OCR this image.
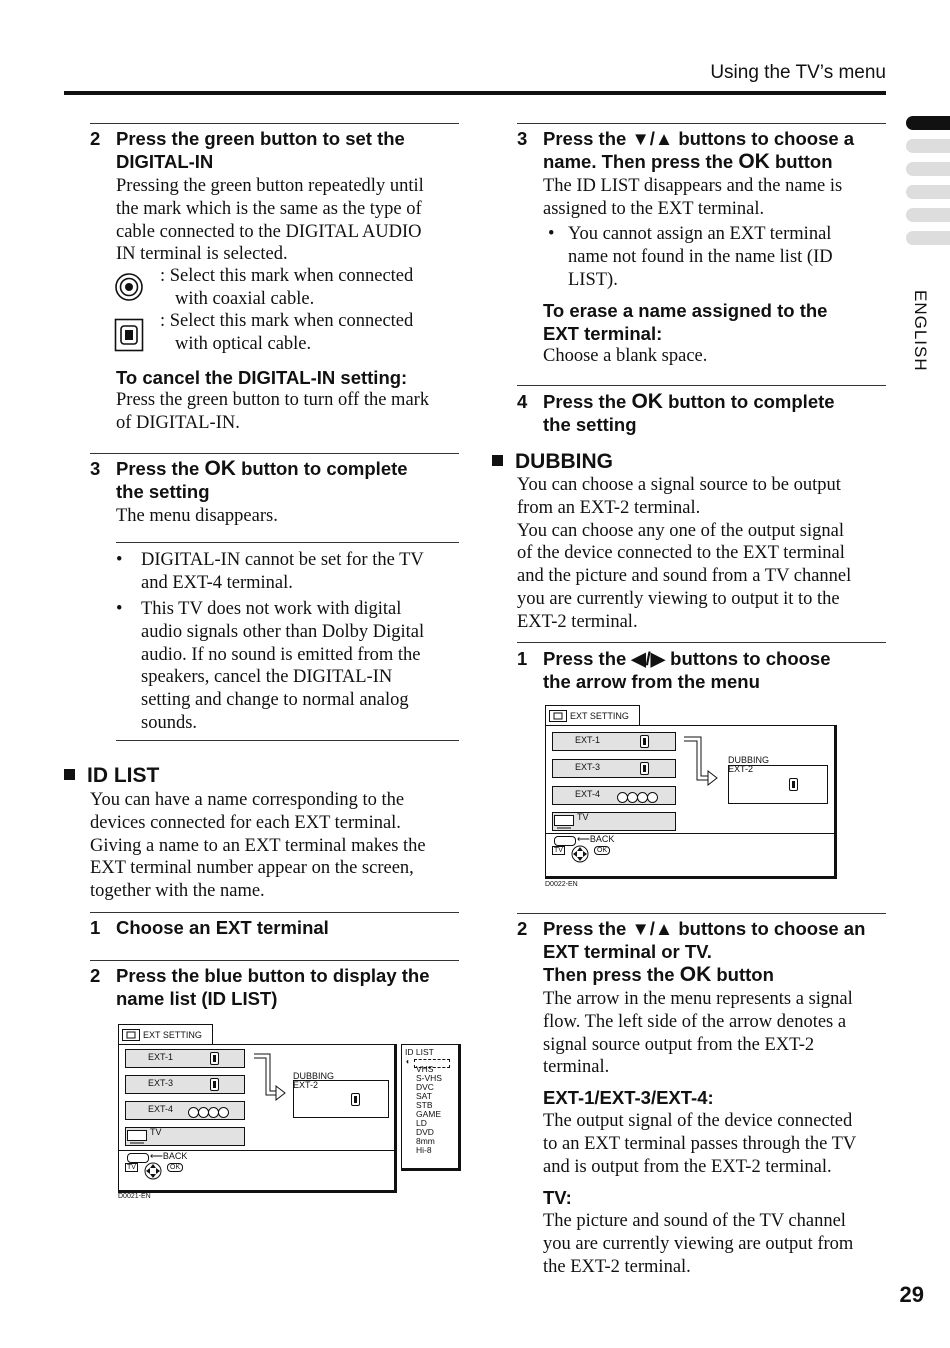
Using the TV’s menu
ENGLISH
29
2 Press the green button to set the
DIGITAL-IN
Pressing the green button repeatedly until
the mark which is the same as the type of
cable connected to the DIGITAL AUDIO
IN terminal is selected.
: Select this mark when connected
with coaxial cable.
: Select this mark when connected
with optical cable.
To cancel the DIGITAL-IN setting:
Press the green button to turn off the mark
of DIGITAL-IN.
3 Press the OK button to complete
the setting
The menu disappears.
• DIGITAL-IN cannot be set for the TV
and EXT-4 terminal.
• This TV does not work with digital
audio signals other than Dolby Digital
audio. If no sound is emitted from the
speakers, cancel the DIGITAL-IN
setting and change to normal analog
sounds.
ID LIST
You can have a name corresponding to the
devices connected for each EXT terminal.
Giving a name to an EXT terminal makes the
EXT terminal number appear on the screen,
together with the name.
1 Choose an EXT terminal
2 Press the blue button to display the
name list (ID LIST)
EXT SETTING
EXT-1
EXT-3
EXT-4
TV
DUBBING
EXT-2
⟵BACK
TV	OK
D0021-EN
ID LIST
◖
VHS
S-VHS
DVC
SAT
STB
GAME
LD
DVD
8mm
Hi-8
3 Press the ▼/▲ buttons to choose a
name. Then press the OK button
The ID LIST disappears and the name is
assigned to the EXT terminal.
• You cannot assign an EXT terminal
name not found in the name list (ID
LIST).
To erase a name assigned to the
EXT terminal:
Choose a blank space.
4 Press the OK button to complete
the setting
DUBBING
You can choose a signal source to be output
from an EXT-2 terminal.
You can choose any one of the output signal
of the device connected to the EXT terminal
and the picture and sound from a TV channel
you are currently viewing to output it to the
EXT-2 terminal.
1 Press the ◀/▶ buttons to choose
the arrow from the menu
EXT SETTING
EXT-1
EXT-3
EXT-4
TV
DUBBING
EXT-2
⟵BACK
TV	OK
D0022-EN
2 Press the ▼/▲ buttons to choose an
EXT terminal or TV.
Then press the OK button
The arrow in the menu represents a signal
flow. The left side of the arrow denotes a
signal source output from the EXT-2
terminal.
EXT-1/EXT-3/EXT-4:
The output signal of the device connected
to an EXT terminal passes through the TV
and is output from the EXT-2 terminal.
TV:
The picture and sound of the TV channel
you are currently viewing are output from
the EXT-2 terminal.
